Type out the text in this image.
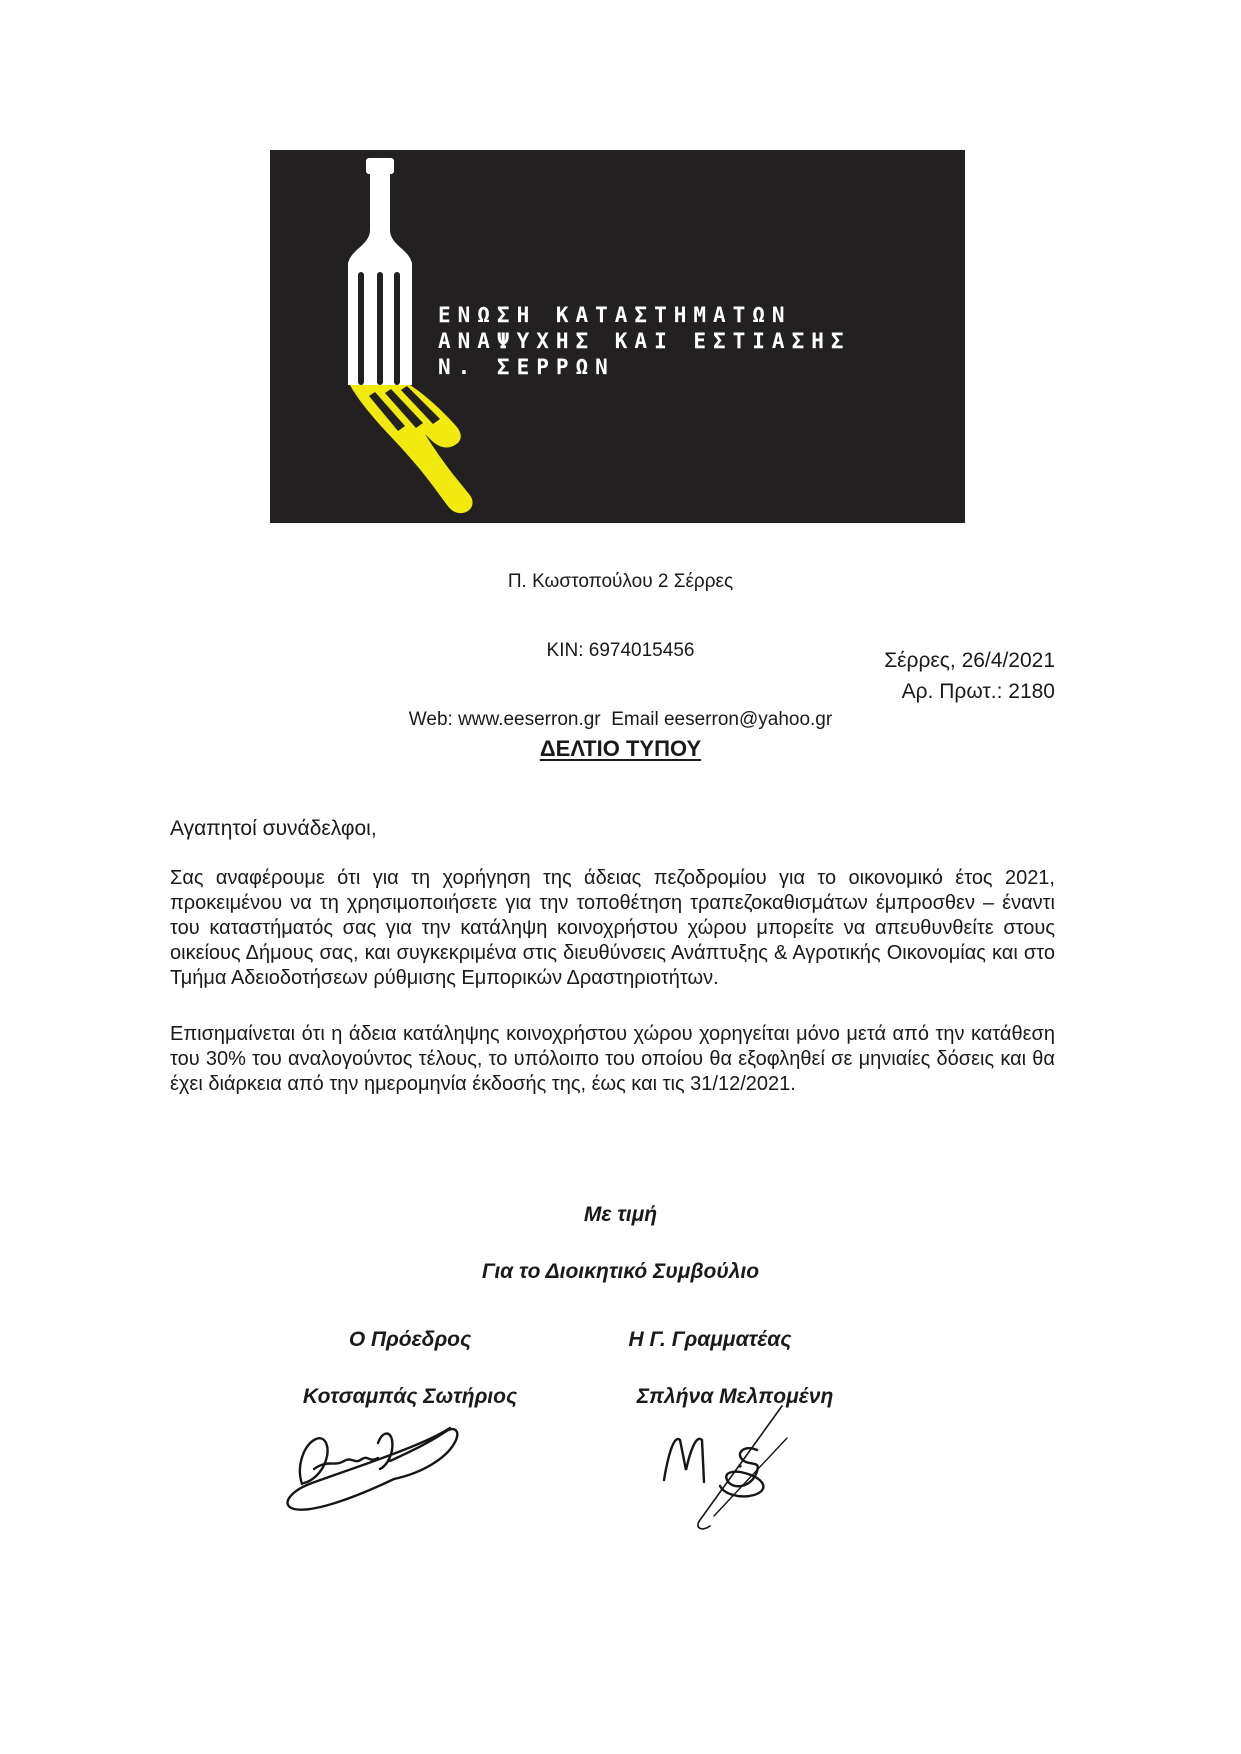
ΕΝΩΣΗ ΚΑΤΑΣΤΗΜΑΤΩΝ
ΑΝΑΨΥΧΗΣ ΚΑΙ ΕΣΤΙΑΣΗΣ
Ν. ΣΕΡΡΩΝ

Π. Κωστοπούλου 2 Σέρρες

ΚΙΝ: 6974015456

Web: www.eeserron.gr  Email eeserron@yahoo.gr

Σέρρες, 26/4/2021
Αρ. Πρωτ.: 2180
ΔΕΛΤΙΟ ΤΥΠΟΥ
Αγαπητοί συνάδελφοι,
Σας αναφέρουμε ότι για τη χορήγηση της άδειας πεζοδρομίου για το οικονομικό έτος 2021, προκειμένου να τη χρησιμοποιήσετε για την τοποθέτηση τραπεζοκαθισμάτων έμπροσθεν – έναντι του καταστήματός σας για την κατάληψη κοινοχρήστου χώρου μπορείτε να απευθυνθείτε στους οικείους Δήμους σας, και συγκεκριμένα στις διευθύνσεις Ανάπτυξης & Αγροτικής Οικονομίας και στο Τμήμα Αδειοδοτήσεων ρύθμισης Εμπορικών Δραστηριοτήτων.
Επισημαίνεται ότι η άδεια κατάληψης κοινοχρήστου χώρου χορηγείται μόνο μετά από την κατάθεση του 30% του αναλογούντος τέλους, το υπόλοιπο του οποίου θα εξοφληθεί σε μηνιαίες δόσεις και θα έχει διάρκεια από την ημερομηνία έκδοσής της, έως και τις 31/12/2021.
Με τιμή
Για το Διοικητικό Συμβούλιο
Ο Πρόεδρος	Η Γ. Γραμματέας
Κοτσαμπάς Σωτήριος	Σπλήνα Μελπομένη
